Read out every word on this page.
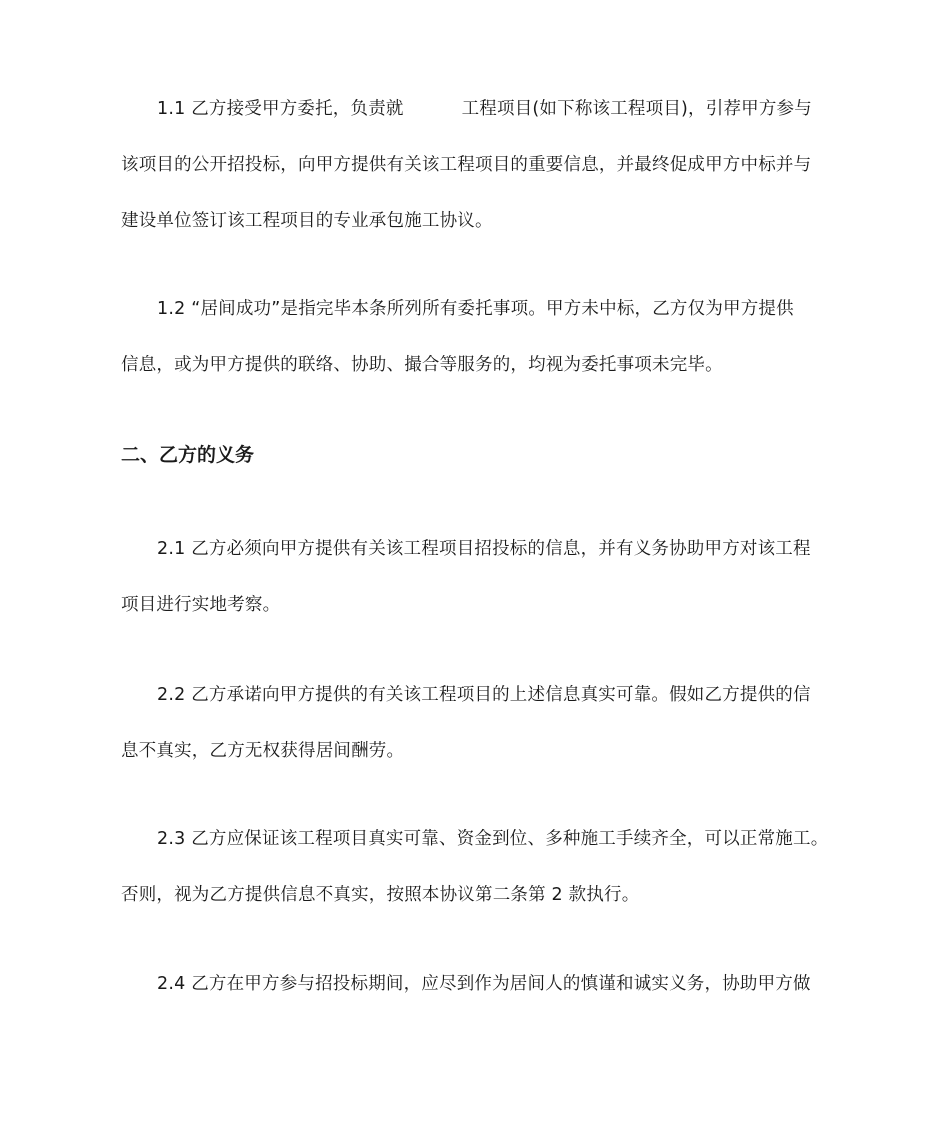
1.1 乙方接受甲方委托，负责就	工程项目(如下称该工程项目)，引荐甲方参与
该项目的公开招投标，向甲方提供有关该工程项目的重要信息，并最终促成甲方中标并与
建设单位签订该工程项目的专业承包施工协议。
1.2 “居间成功”是指完毕本条所列所有委托事项。甲方未中标，乙方仅为甲方提供
信息，或为甲方提供的联络、协助、撮合等服务的，均视为委托事项未完毕。
二、乙方的义务
2.1 乙方必须向甲方提供有关该工程项目招投标的信息，并有义务协助甲方对该工程
项目进行实地考察。
2.2 乙方承诺向甲方提供的有关该工程项目的上述信息真实可靠。假如乙方提供的信
息不真实，乙方无权获得居间酬劳。
2.3 乙方应保证该工程项目真实可靠、资金到位、多种施工手续齐全，可以正常施工。
否则，视为乙方提供信息不真实，按照本协议第二条第 2 款执行。
2.4 乙方在甲方参与招投标期间，应尽到作为居间人的慎谨和诚实义务，协助甲方做
